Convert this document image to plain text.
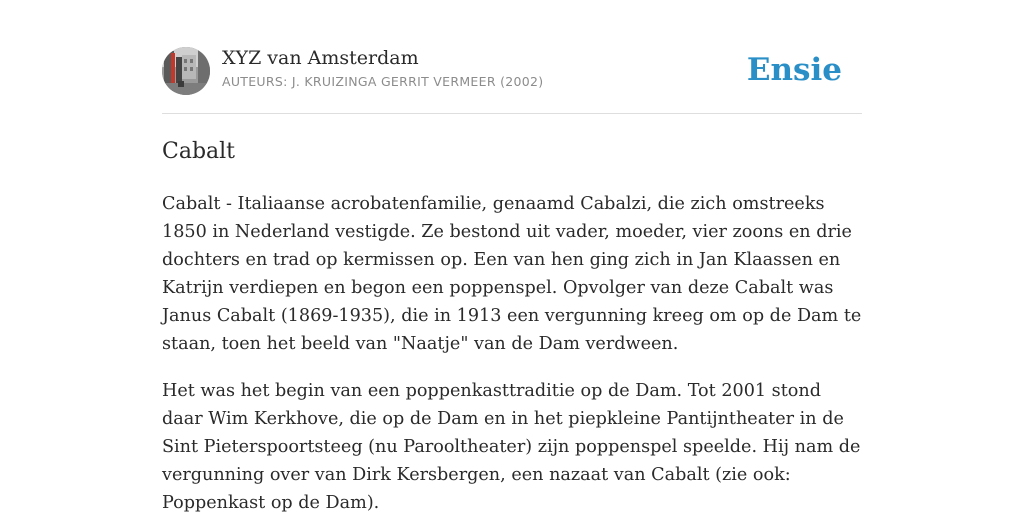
XYZ van Amsterdam
AUTEURS: J. KRUIZINGA GERRIT VERMEER (2002)	Ensie
Cabalt

Cabalt - Italiaanse acrobatenfamilie, genaamd Cabalzi, die zich omstreeks 1850 in Nederland vestigde. Ze bestond uit vader, moeder, vier zoons en drie dochters en trad op kermissen op. Een van hen ging zich in Jan Klaassen en Katrijn verdiepen en begon een poppenspel. Opvolger van deze Cabalt was Janus Cabalt (1869-1935), die in 1913 een vergunning kreeg om op de Dam te staan, toen het beeld van "Naatje" van de Dam verdween.

Het was het begin van een poppenkasttraditie op de Dam. Tot 2001 stond daar Wim Kerkhove, die op de Dam en in het piepkleine Pantijntheater in de Sint Pieterspoortsteeg (nu Parooltheater) zijn poppenspel speelde. Hij nam de vergunning over van Dirk Kersbergen, een nazaat van Cabalt (zie ook: Poppenkast op de Dam).
